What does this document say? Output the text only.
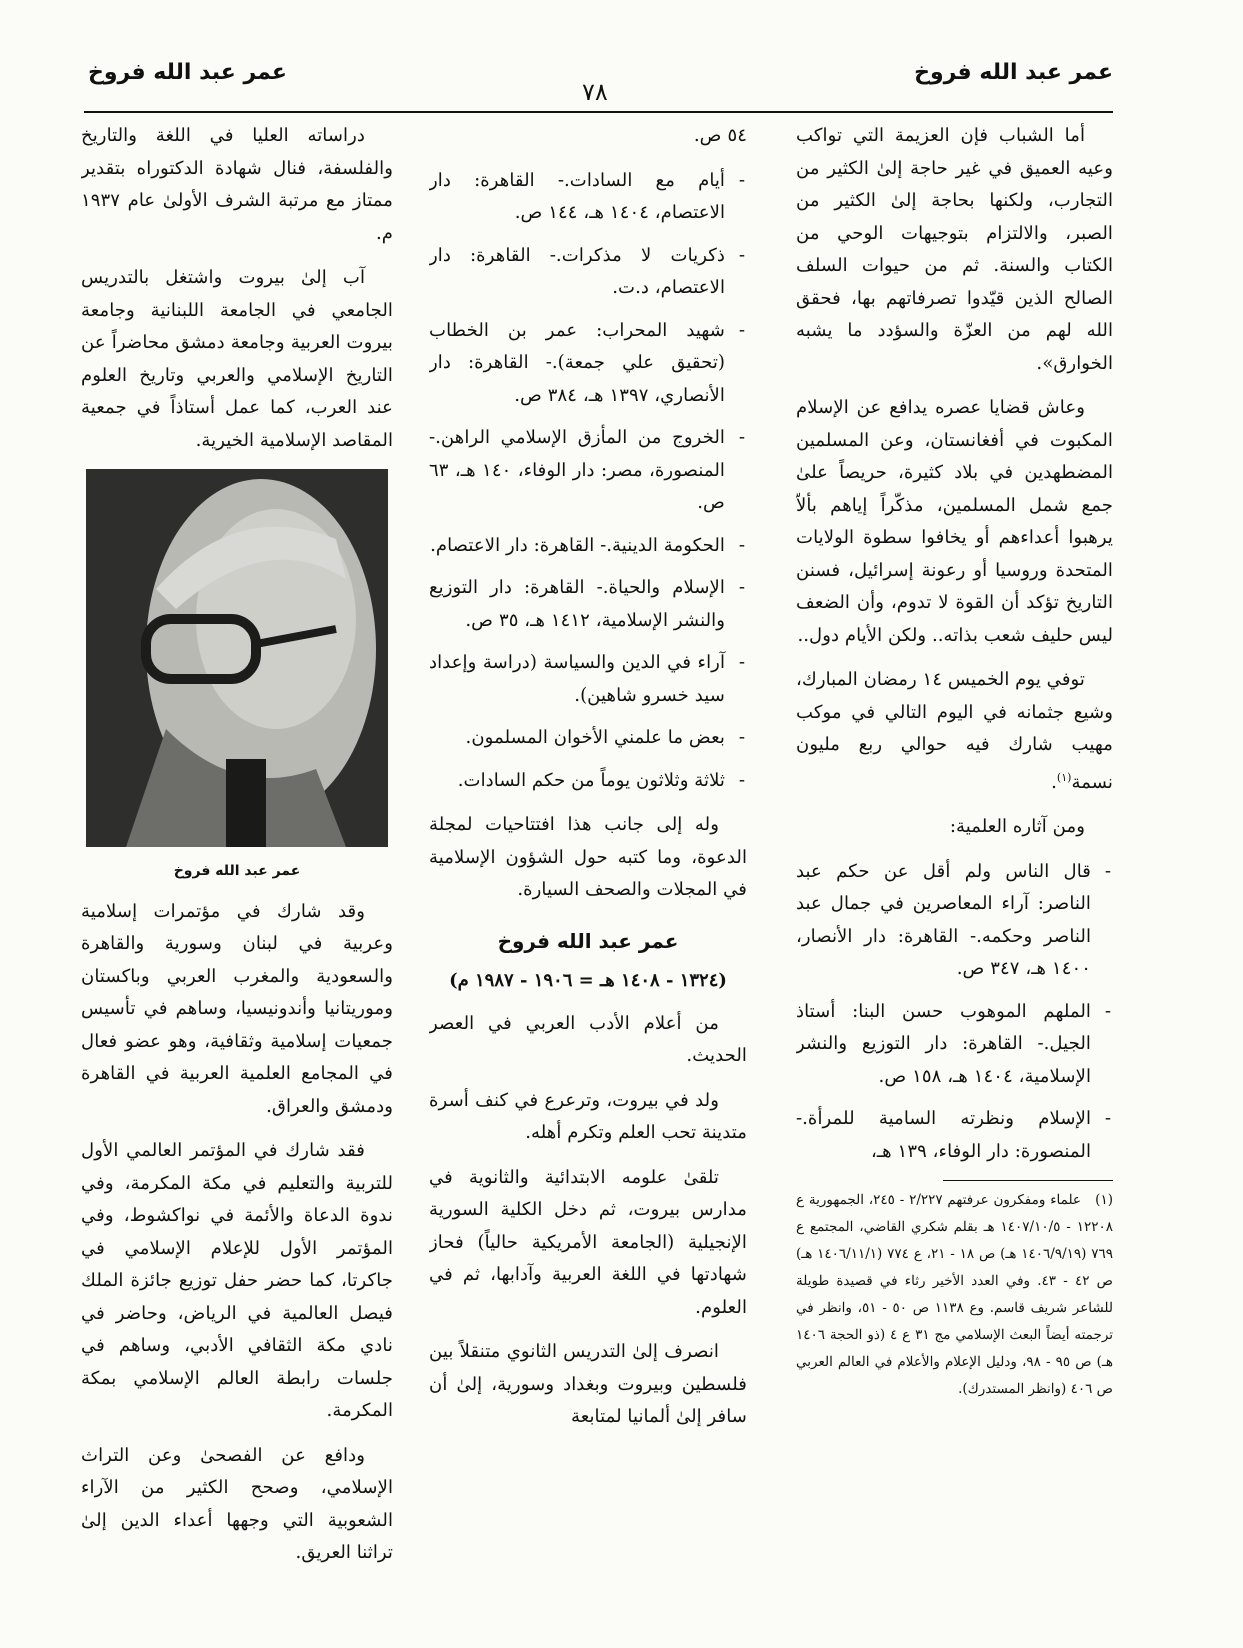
عمر عبد الله فروخ
٧٨
عمر عبد الله فروخ

أما الشباب فإن العزيمة التي تواكب وعيه العميق في غير حاجة إلىٰ الكثير من التجارب، ولكنها بحاجة إلىٰ الكثير من الصبر، والالتزام بتوجيهات الوحي من الكتاب والسنة. ثم من حيوات السلف الصالح الذين قيّدوا تصرفاتهم بها، فحقق الله لهم من العزّة والسؤدد ما يشبه الخوارق».

وعاش قضايا عصره يدافع عن الإسلام المكبوت في أفغانستان، وعن المسلمين المضطهدين في بلاد كثيرة، حريصاً علىٰ جمع شمل المسلمين، مذكّراً إياهم بألاّ يرهبوا أعداءهم أو يخافوا سطوة الولايات المتحدة وروسيا أو رعونة إسرائيل، فسنن التاريخ تؤكد أن القوة لا تدوم، وأن الضعف ليس حليف شعب بذاته.. ولكن الأيام دول..

توفي يوم الخميس ١٤ رمضان المبارك، وشيع جثمانه في اليوم التالي في موكب مهيب شارك فيه حوالي ربع مليون نسمة$^{(١)}$.

ومن آثاره العلمية:

- قال الناس ولم أقل عن حكم عبد الناصر: آراء المعاصرين في جمال عبد الناصر وحكمه.- القاهرة: دار الأنصار، ١٤٠٠ هـ، ٣٤٧ ص.
- الملهم الموهوب حسن البنا: أستاذ الجيل.- القاهرة: دار التوزيع والنشر الإسلامية، ١٤٠٤ هـ، ١٥٨ ص.
- الإسلام ونظرته السامية للمرأة.- المنصورة: دار الوفاء، ١٣٩ هـ،
(١)علماء ومفكرون عرفتهم ٢/٢٢٧ - ٢٤٥، الجمهورية ع ١٢٢٠٨ - ١٤٠٧/١٠/٥ هـ بقلم شكري القاضي، المجتمع ع ٧٦٩ (١٤٠٦/٩/١٩ هـ) ص ١٨ - ٢١، ع ٧٧٤ (١٤٠٦/١١/١ هـ) ص ٤٢ - ٤٣. وفي العدد الأخير رثاء في قصيدة طويلة للشاعر شريف قاسم. وع ١١٣٨ ص ٥٠ - ٥١، وانظر في ترجمته أيضاً البعث الإسلامي مج ٣١ ع ٤ (ذو الحجة ١٤٠٦ هـ) ص ٩٥ - ٩٨، ودليل الإعلام والأعلام في العالم العربي ص ٤٠٦ (وانظر المستدرك).

٥٤ ص.

- أيام مع السادات.- القاهرة: دار الاعتصام، ١٤٠٤ هـ، ١٤٤ ص.
- ذكريات لا مذكرات.- القاهرة: دار الاعتصام، د.ت.
- شهيد المحراب: عمر بن الخطاب (تحقيق علي جمعة).- القاهرة: دار الأنصاري، ١٣٩٧ هـ، ٣٨٤ ص.
- الخروج من المأزق الإسلامي الراهن.- المنصورة، مصر: دار الوفاء، ١٤٠ هـ، ٦٣ ص.
- الحكومة الدينية.- القاهرة: دار الاعتصام.
- الإسلام والحياة.- القاهرة: دار التوزيع والنشر الإسلامية، ١٤١٢ هـ، ٣٥ ص.
- آراء في الدين والسياسة (دراسة وإعداد سيد خسرو شاهين).
- بعض ما علمني الأخوان المسلمون.
- ثلاثة وثلاثون يوماً من حكم السادات.

وله إلى جانب هذا افتتاحيات لمجلة الدعوة، وما كتبه حول الشؤون الإسلامية في المجلات والصحف السيارة.

عمر عبد الله فروخ
(١٣٢٤ - ١٤٠٨ هـ = ١٩٠٦ - ١٩٨٧ م)

من أعلام الأدب العربي في العصر الحديث.

ولد في بيروت، وترعرع في كنف أسرة متدينة تحب العلم وتكرم أهله.

تلقىٰ علومه الابتدائية والثانوية في مدارس بيروت، ثم دخل الكلية السورية الإنجيلية (الجامعة الأمريكية حالياً) فحاز شهادتها في اللغة العربية وآدابها، ثم في العلوم.

انصرف إلىٰ التدريس الثانوي متنقلاً بين فلسطين وبيروت وبغداد وسورية، إلىٰ أن سافر إلىٰ ألمانيا لمتابعة

دراساته العليا في اللغة والتاريخ والفلسفة، فنال شهادة الدكتوراه بتقدير ممتاز مع مرتبة الشرف الأولىٰ عام ١٩٣٧ م.

آب إلىٰ بيروت واشتغل بالتدريس الجامعي في الجامعة اللبنانية وجامعة بيروت العربية وجامعة دمشق محاضراً عن التاريخ الإسلامي والعربي وتاريخ العلوم عند العرب، كما عمل أستاذاً في جمعية المقاصد الإسلامية الخيرية.

عمر عبد الله فروخ

وقد شارك في مؤتمرات إسلامية وعربية في لبنان وسورية والقاهرة والسعودية والمغرب العربي وباكستان وموريتانيا وأندونيسيا، وساهم في تأسيس جمعيات إسلامية وثقافية، وهو عضو فعال في المجامع العلمية العربية في القاهرة ودمشق والعراق.

فقد شارك في المؤتمر العالمي الأول للتربية والتعليم في مكة المكرمة، وفي ندوة الدعاة والأئمة في نواكشوط، وفي المؤتمر الأول للإعلام الإسلامي في جاكرتا، كما حضر حفل توزيع جائزة الملك فيصل العالمية في الرياض، وحاضر في نادي مكة الثقافي الأدبي، وساهم في جلسات رابطة العالم الإسلامي بمكة المكرمة.

ودافع عن الفصحىٰ وعن التراث الإسلامي، وصحح الكثير من الآراء الشعوبية التي وجهها أعداء الدين إلىٰ تراثنا العريق.
